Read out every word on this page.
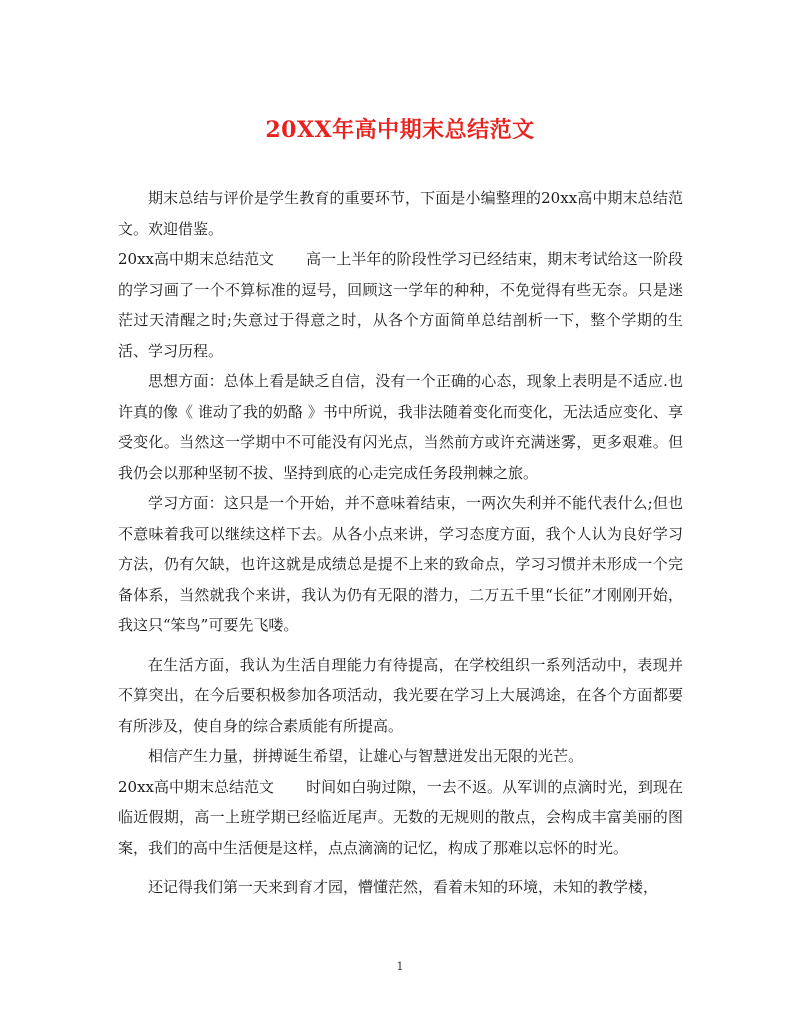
20XX年高中期末总结范文

期末总结与评价是学生教育的重要环节，下面是小编整理的20xx高中期末总结范文。欢迎借鉴。

20xx高中期末总结范文 高一上半年的阶段性学习已经结束，期末考试给这一阶段的学习画了一个不算标准的逗号，回顾这一学年的种种，不免觉得有些无奈。只是迷茫过天清醒之时;失意过于得意之时，从各个方面简单总结剖析一下，整个学期的生活、学习历程。

思想方面：总体上看是缺乏自信，没有一个正确的心态，现象上表明是不适应.也许真的像《 谁动了我的奶酪 》书中所说，我非法随着变化而变化，无法适应变化、享受变化。当然这一学期中不可能没有闪光点，当然前方或许充满迷雾，更多艰难。但我仍会以那种坚韧不拔、坚持到底的心走完成任务段荆棘之旅。

学习方面：这只是一个开始，并不意味着结束，一两次失利并不能代表什么;但也不意味着我可以继续这样下去。从各小点来讲，学习态度方面，我个人认为良好学习方法，仍有欠缺，也许这就是成绩总是提不上来的致命点，学习习惯并未形成一个完备体系，当然就我个来讲，我认为仍有无限的潜力，二万五千里“长征”才刚刚开始，我这只“笨鸟”可要先飞喽。

在生活方面，我认为生活自理能力有待提高，在学校组织一系列活动中，表现并不算突出，在今后要积极参加各项活动，我光要在学习上大展鸿途，在各个方面都要有所涉及，使自身的综合素质能有所提高。

相信产生力量，拼搏诞生希望，让雄心与智慧迸发出无限的光芒。

20xx高中期末总结范文 时间如白驹过隙，一去不返。从军训的点滴时光，到现在临近假期，高一上班学期已经临近尾声。无数的无规则的散点，会构成丰富美丽的图案，我们的高中生活便是这样，点点滴滴的记忆，构成了那难以忘怀的时光。

还记得我们第一天来到育才园，懵懂茫然，看着未知的环境，未知的教学楼，

1
